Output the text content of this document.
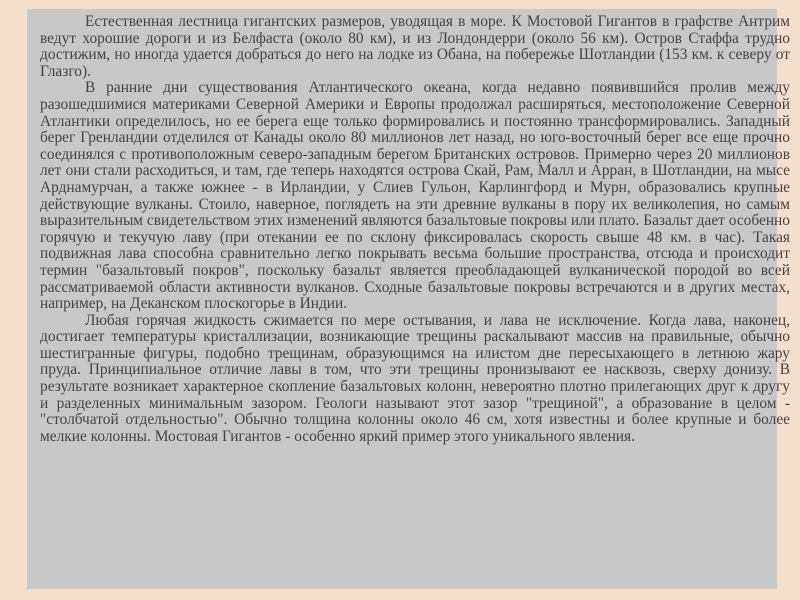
Естественная лестница гигантских размеров, уводящая в море. К Мостовой Гигантов в графстве Антрим ведут хорошие дороги и из Белфаста (около 80 км), и из Лондондерри (около 56 км). Остров Стаффа трудно достижим, но иногда удается добраться до него на лодке из Обана, на побережье Шотландии (153 км. к северу от Глазго).

В ранние дни существования Атлантического океана, когда недавно появившийся пролив между разошедшимися материками Северной Америки и Европы продолжал расширяться, местоположение Северной Атлантики определилось, но ее берега еще только формировались и постоянно трансформировались. Западный берег Гренландии отделился от Канады около 80 миллионов лет назад, но юго-восточный берег все еще прочно соединялся с противоположным северо-западным берегом Британских островов. Примерно через 20 миллионов лет они стали расходиться, и там, где теперь находятся острова Скай, Рам, Малл и Арран, в Шотландии, на мысе Арднамурчан, а также южнее - в Ирландии, у Слиев Гульон, Карлингфорд и Мурн, образовались крупные действующие вулканы. Стоило, наверное, поглядеть на эти древние вулканы в пору их великолепия, но самым выразительным свидетельством этих изменений являются базальтовые покровы или плато. Базальт дает особенно горячую и текучую лаву (при отекании ее по склону фиксировалась скорость свыше 48 км. в час). Такая подвижная лава способна сравнительно легко покрывать весьма большие пространства, отсюда и происходит термин "базальтовый покров", поскольку базальт является преобладающей вулканической породой во всей рассматриваемой области активности вулканов. Сходные базальтовые покровы встречаются и в других местах, например, на Деканском плоскогорье в Индии.

Любая горячая жидкость сжимается по мере остывания, и лава не исключение. Когда лава, наконец, достигает температуры кристаллизации, возникающие трещины раскалывают массив на правильные, обычно шестигранные фигуры, подобно трещинам, образующимся на илистом дне пересыхающего в летнюю жару пруда. Принципиальное отличие лавы в том, что эти трещины пронизывают ее насквозь, сверху донизу. В результате возникает характерное скопление базальтовых колонн, невероятно плотно прилегающих друг к другу и разделенных минимальным зазором. Геологи называют этот зазор "трещиной", а образование в целом - "столбчатой отдельностью". Обычно толщина колонны около 46 см, хотя известны и более крупные и более мелкие колонны. Мостовая Гигантов - особенно яркий пример этого уникального явления.
